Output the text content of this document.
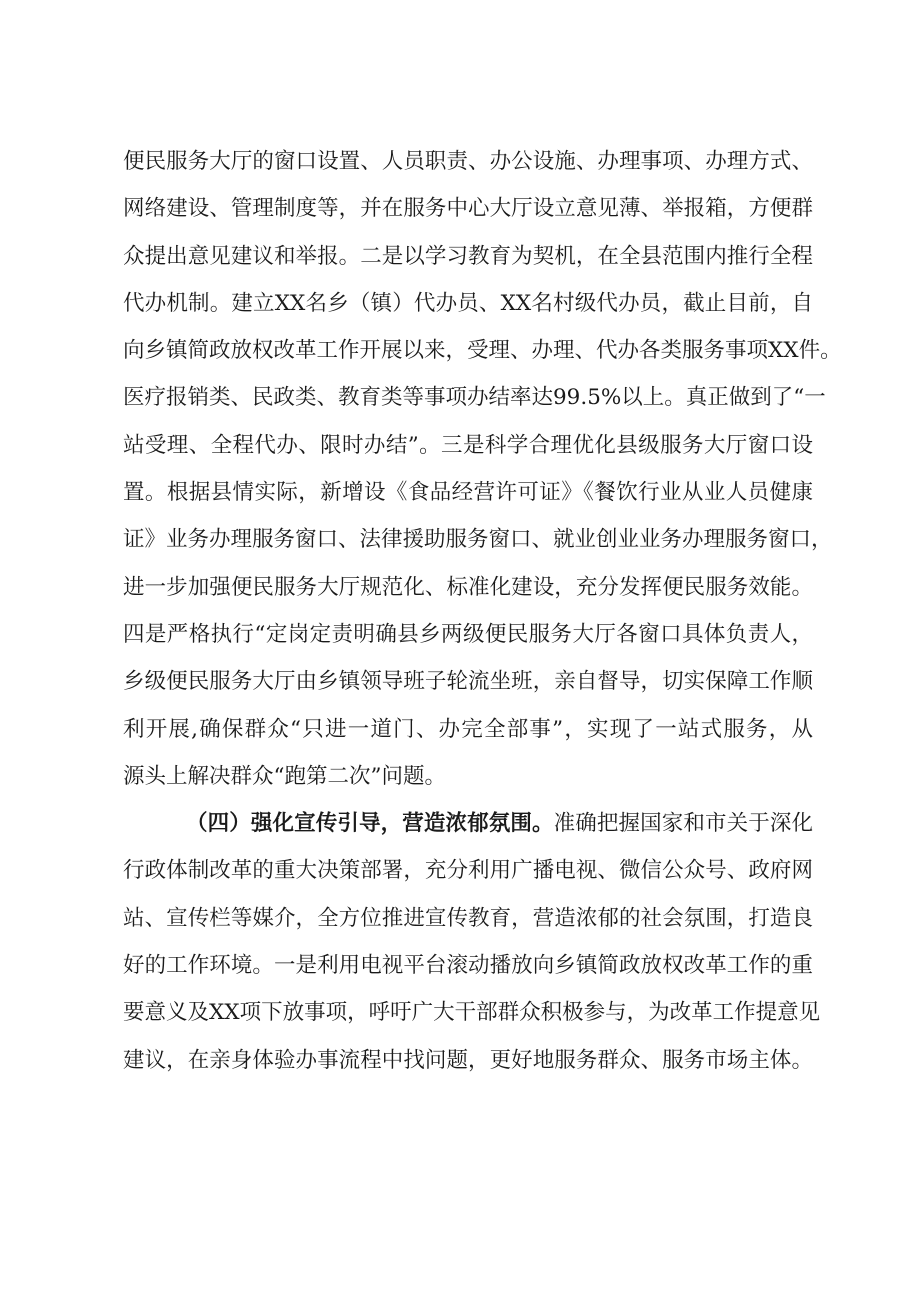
便民服务大厅的窗口设置、人员职责、办公设施、办理事项、办理方式、
网络建设、管理制度等，并在服务中心大厅设立意见薄、举报箱，方便群
众提出意见建议和举报。二是以学习教育为契机，在全县范围内推行全程
代办机制。建立XX名乡（镇）代办员、XX名村级代办员，截止目前，自
向乡镇简政放权改革工作开展以来，受理、办理、代办各类服务事项XX件。
医疗报销类、民政类、教育类等事项办结率达99.5%以上。真正做到了“一
站受理、全程代办、限时办结”。三是科学合理优化县级服务大厅窗口设
置。根据县情实际，新增设《食品经营许可证》《餐饮行业从业人员健康
证》业务办理服务窗口、法律援助服务窗口、就业创业业务办理服务窗口，
进一步加强便民服务大厅规范化、标准化建设，充分发挥便民服务效能。
四是严格执行“定岗定责明确县乡两级便民服务大厅各窗口具体负责人，
乡级便民服务大厅由乡镇领导班子轮流坐班，亲自督导，切实保障工作顺
利开展,确保群众“只进一道门、办完全部事”，实现了一站式服务，从
源头上解决群众“跑第二次”问题。
（四）强化宣传引导，营造浓郁氛围。准确把握国家和市关于深化
行政体制改革的重大决策部署，充分利用广播电视、微信公众号、政府网
站、宣传栏等媒介，全方位推进宣传教育，营造浓郁的社会氛围，打造良
好的工作环境。一是利用电视平台滚动播放向乡镇简政放权改革工作的重
要意义及XX项下放事项，呼吁广大干部群众积极参与，为改革工作提意见
建议，在亲身体验办事流程中找问题，更好地服务群众、服务市场主体。
